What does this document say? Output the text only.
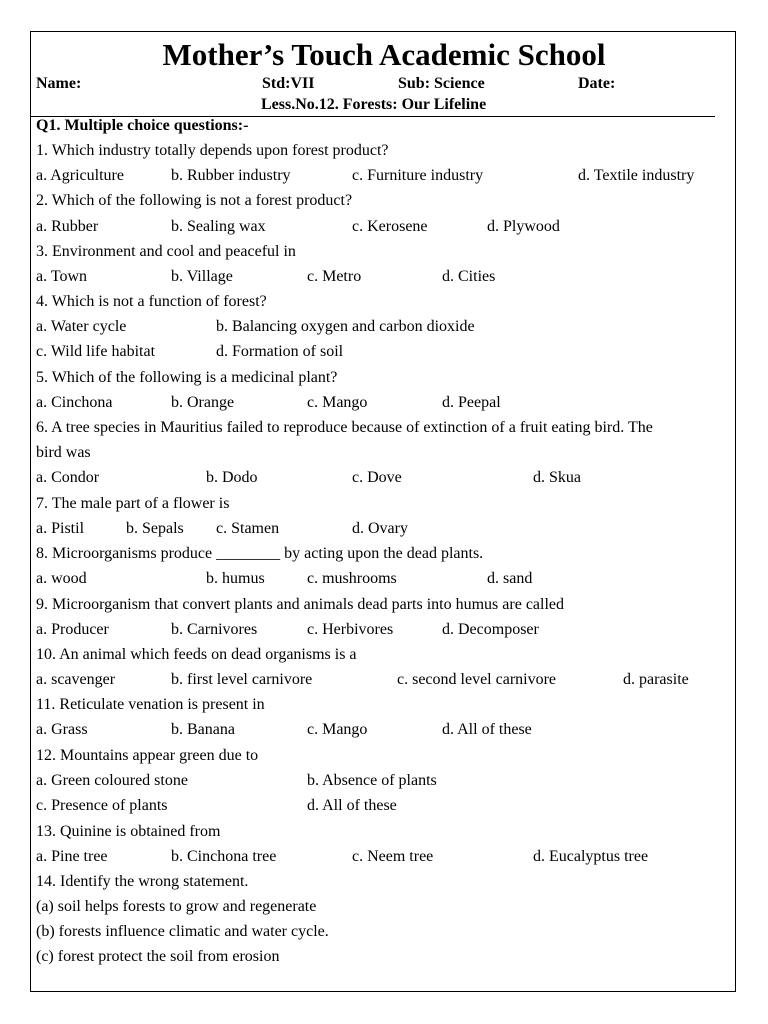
Mother’s Touch Academic School
Name:	Std:VII	Sub: Science	Date:
Less.No.12. Forests: Our Lifeline
Q1. Multiple choice questions:-
1. Which industry totally depends upon forest product?
a. Agriculture	b. Rubber industry	c. Furniture industry	d. Textile industry
2. Which of the following is not a forest product?
a. Rubber	b. Sealing wax	c. Kerosene	d. Plywood
3. Environment and cool and peaceful in
a. Town	b. Village	c. Metro	d. Cities
4. Which is not a function of forest?
a. Water cycle	b. Balancing oxygen and carbon dioxide
c. Wild life habitat	d. Formation of soil
5. Which of the following is a medicinal plant?
a. Cinchona	b. Orange	c. Mango	d. Peepal
6. A tree species in Mauritius failed to reproduce because of extinction of a fruit eating bird. The
bird was
a. Condor	b. Dodo	c. Dove	d. Skua
7. The male part of a flower is
a. Pistil	b. Sepals c. Stamen	d. Ovary
8. Microorganisms produce ________ by acting upon the dead plants.
a. wood	b. humus	c. mushrooms	d. sand
9. Microorganism that convert plants and animals dead parts into humus are called
a. Producer	b. Carnivores	c. Herbivores	d. Decomposer
10. An animal which feeds on dead organisms is a
a. scavenger	b. first level carnivore	c. second level carnivore	d. parasite
11. Reticulate venation is present in
a. Grass	b. Banana	c. Mango	d. All of these
12. Mountains appear green due to
a. Green coloured stone	b. Absence of plants
c. Presence of plants	d. All of these
13. Quinine is obtained from
a. Pine tree	b. Cinchona tree	c. Neem tree	d. Eucalyptus tree
14. Identify the wrong statement.
(a) soil helps forests to grow and regenerate
(b) forests influence climatic and water cycle.
(c) forest protect the soil from erosion
